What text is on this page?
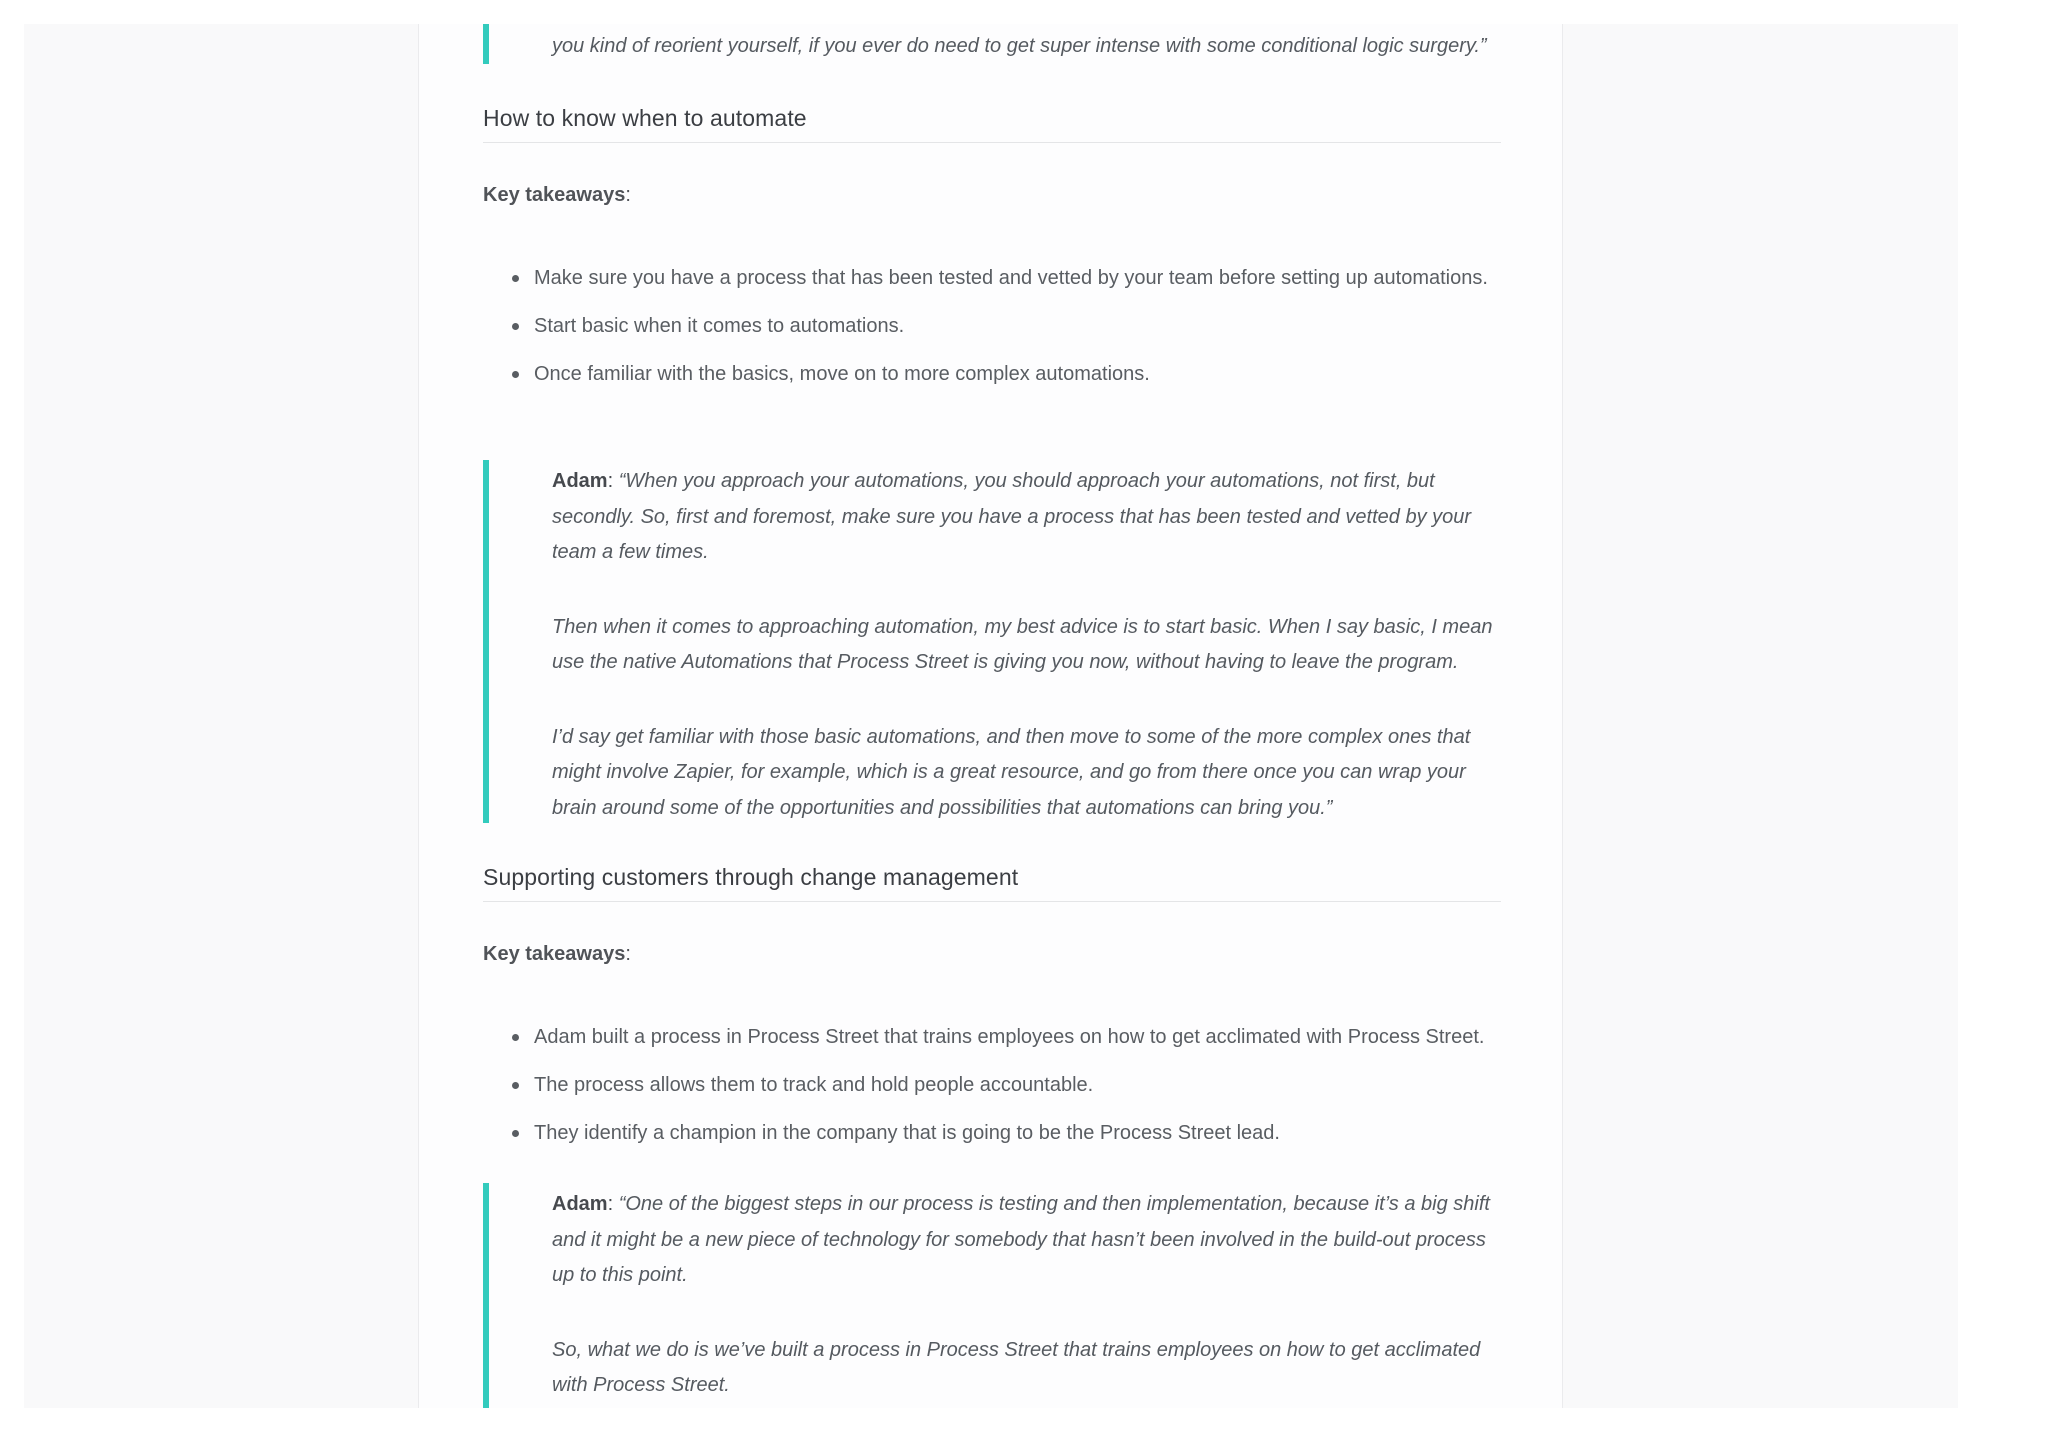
you kind of reorient yourself, if you ever do need to get super intense with some conditional logic surgery.”

How to know when to automate
Key takeaways:
Make sure you have a process that has been tested and vetted by your team before setting up automations.
Start basic when it comes to automations.
Once familiar with the basics, move on to more complex automations.

Adam: “When you approach your automations, you should approach your automations, not first, but secondly. So, first and foremost, make sure you have a process that has been tested and vetted by your team a few times.

Then when it comes to approaching automation, my best advice is to start basic. When I say basic, I mean use the native Automations that Process Street is giving you now, without having to leave the program.

I’d say get familiar with those basic automations, and then move to some of the more complex ones that might involve Zapier, for example, which is a great resource, and go from there once you can wrap your brain around some of the opportunities and possibilities that automations can bring you.”

Supporting customers through change management
Key takeaways:
Adam built a process in Process Street that trains employees on how to get acclimated with Process Street.
The process allows them to track and hold people accountable.
They identify a champion in the company that is going to be the Process Street lead.

Adam: “One of the biggest steps in our process is testing and then implementation, because it’s a big shift and it might be a new piece of technology for somebody that hasn’t been involved in the build-out process up to this point.

So, what we do is we’ve built a process in Process Street that trains employees on how to get acclimated with Process Street.
